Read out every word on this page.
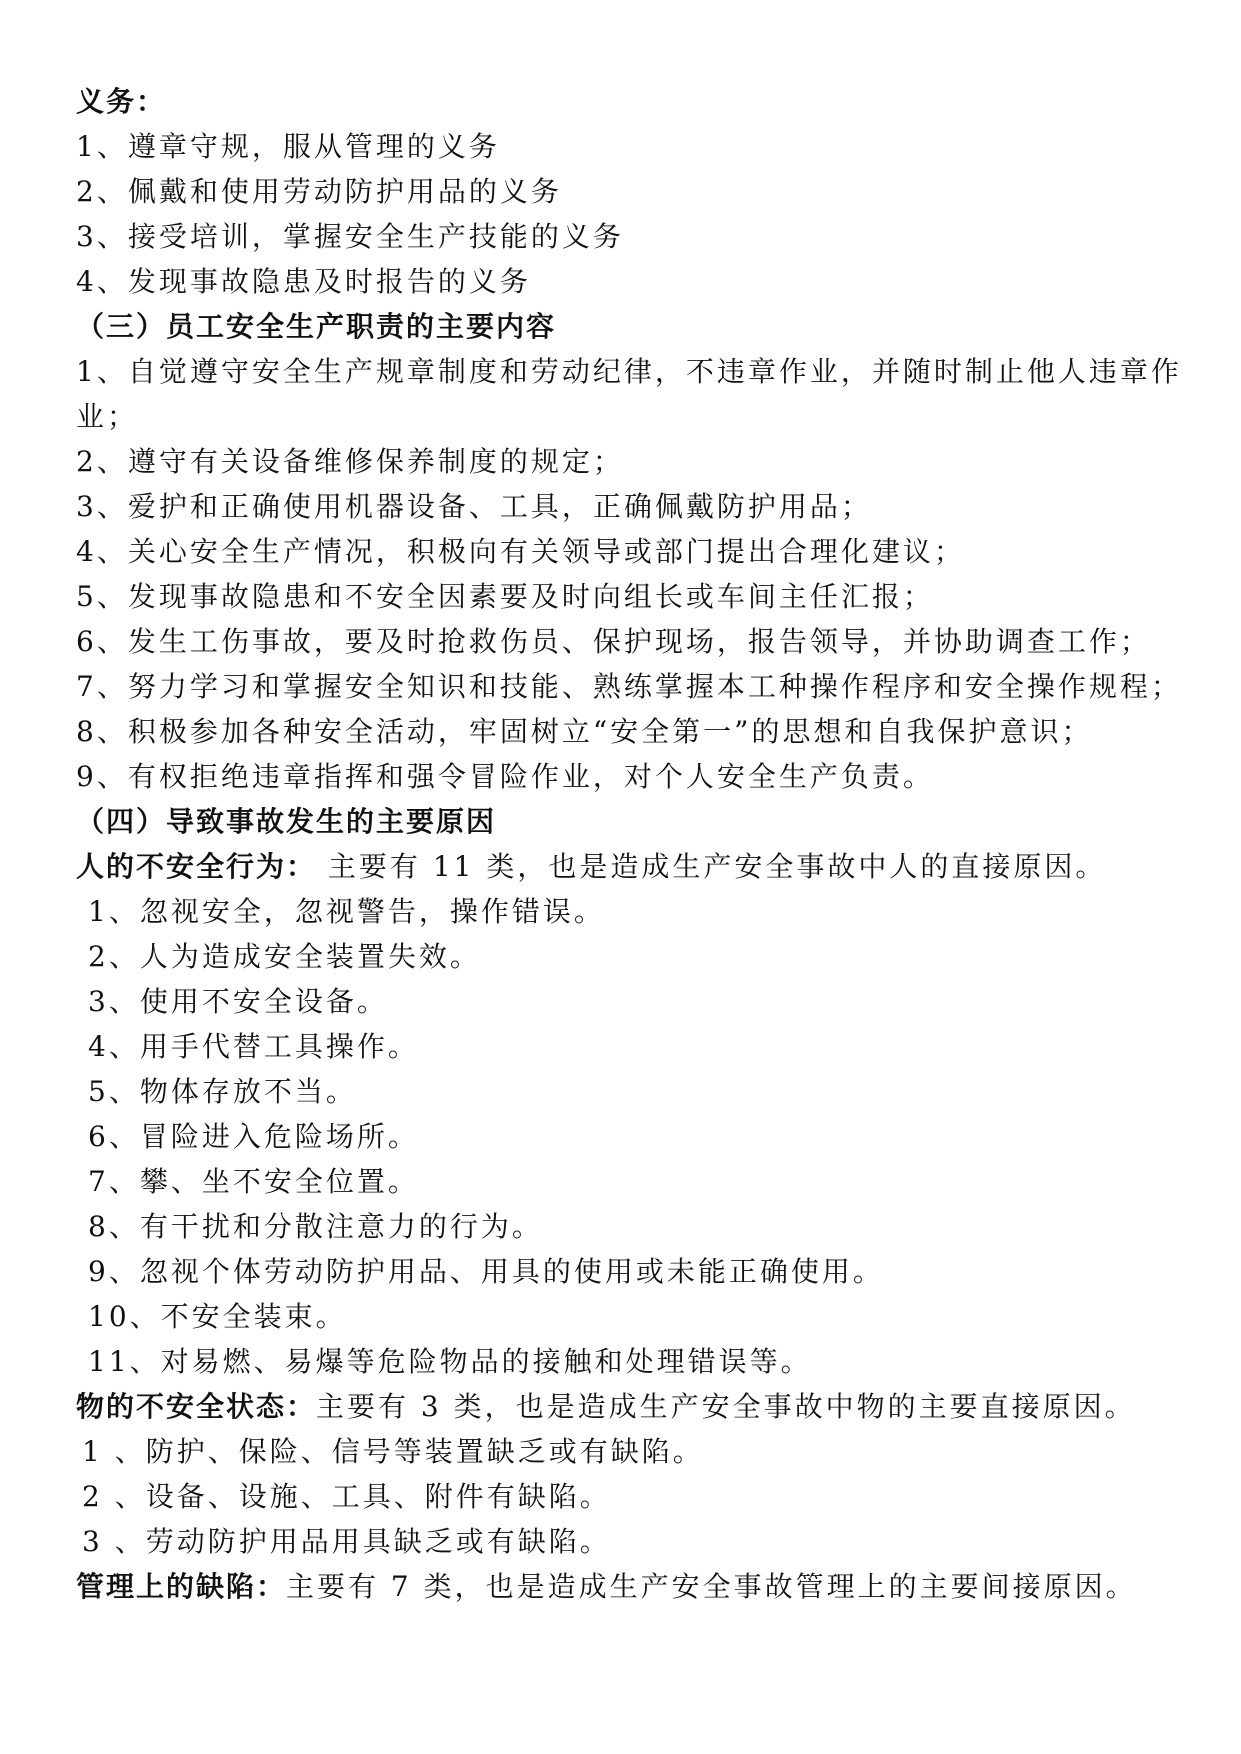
义务：
1、遵章守规，服从管理的义务
2、佩戴和使用劳动防护用品的义务
3、接受培训，掌握安全生产技能的义务
4、发现事故隐患及时报告的义务
（三）员工安全生产职责的主要内容
1、自觉遵守安全生产规章制度和劳动纪律，不违章作业，并随时制止他人违章作业；
2、遵守有关设备维修保养制度的规定；
3、爱护和正确使用机器设备、工具，正确佩戴防护用品；
4、关心安全生产情况，积极向有关领导或部门提出合理化建议；
5、发现事故隐患和不安全因素要及时向组长或车间主任汇报；
6、发生工伤事故，要及时抢救伤员、保护现场，报告领导，并协助调查工作；
7、努力学习和掌握安全知识和技能、熟练掌握本工种操作程序和安全操作规程；
8、积极参加各种安全活动，牢固树立“安全第一”的思想和自我保护意识；
9、有权拒绝违章指挥和强令冒险作业，对个人安全生产负责。
（四）导致事故发生的主要原因
人的不安全行为： 主要有 11 类，也是造成生产安全事故中人的直接原因。
1、忽视安全，忽视警告，操作错误。
2、人为造成安全装置失效。
3、使用不安全设备。
4、用手代替工具操作。
5、物体存放不当。
6、冒险进入危险场所。
7、攀、坐不安全位置。
8、有干扰和分散注意力的行为。
9、忽视个体劳动防护用品、用具的使用或未能正确使用。
10、不安全装束。
11、对易燃、易爆等危险物品的接触和处理错误等。
物的不安全状态：主要有 3 类，也是造成生产安全事故中物的主要直接原因。
1 、防护、保险、信号等装置缺乏或有缺陷。
2 、设备、设施、工具、附件有缺陷。
3 、劳动防护用品用具缺乏或有缺陷。
管理上的缺陷：主要有 7 类，也是造成生产安全事故管理上的主要间接原因。
